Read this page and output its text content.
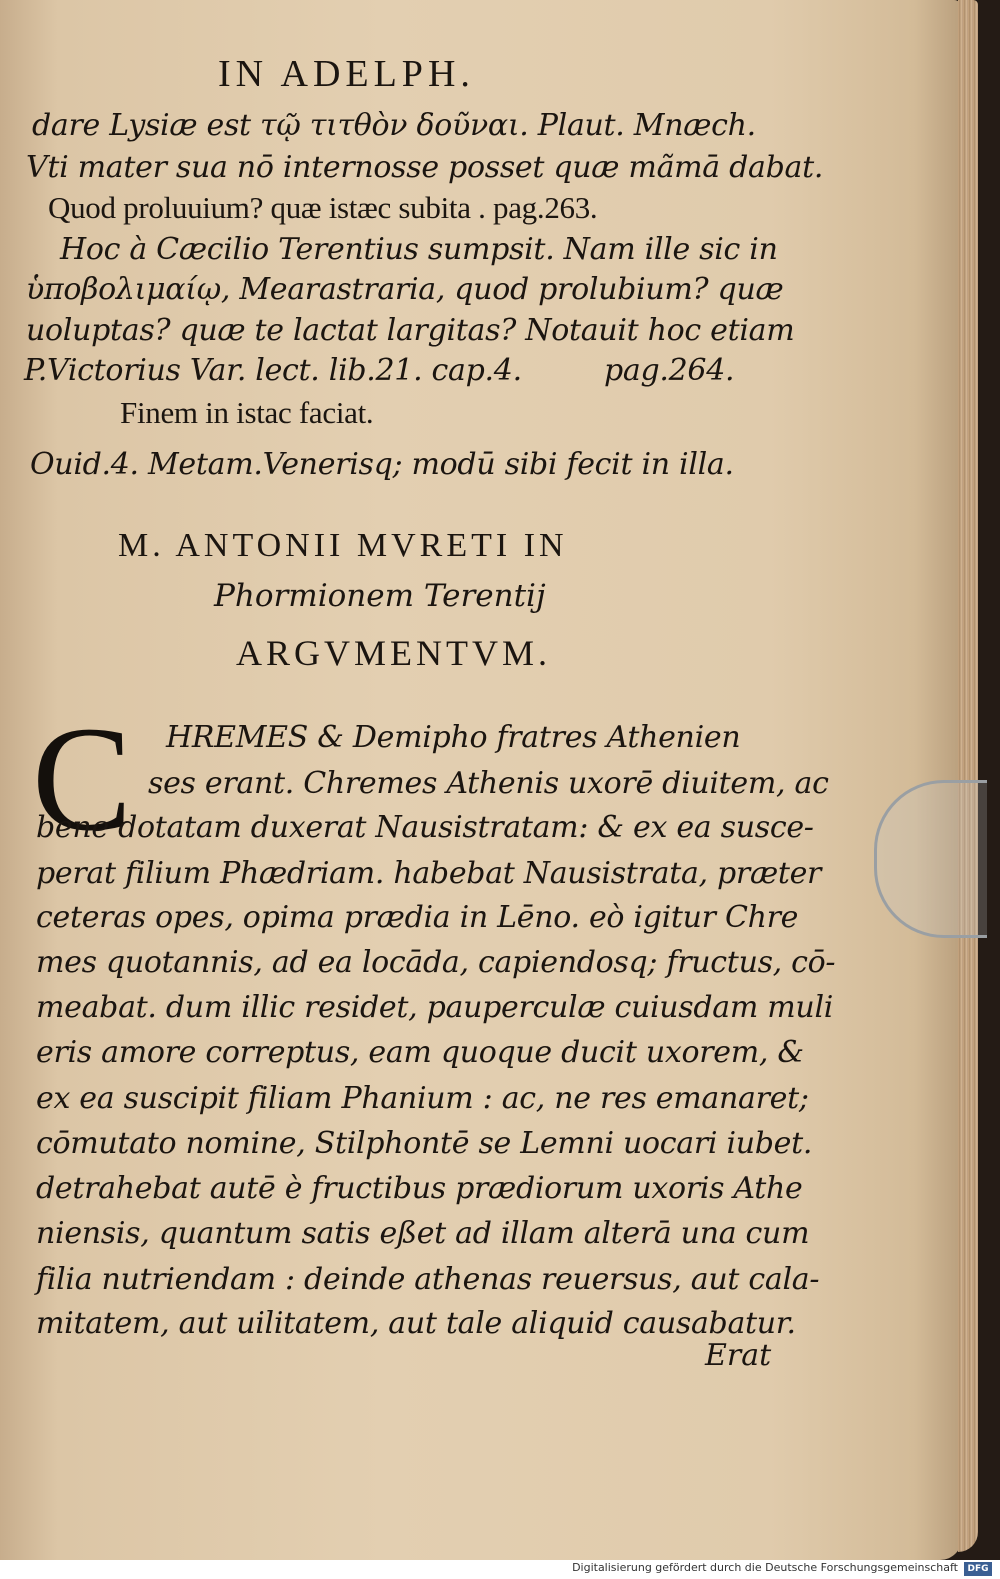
IN ADELPH.
dare Lysiæ est τῷ τιτθὸν δοῦναι. Plaut. Mnæch.
Vti mater sua nō internosse posset quæ mãmā dabat.
Quod proluuium? quæ istæc subita . pag.263.
Hoc à Cæcilio Terentius sumpsit. Nam ille sic in
ὑποβολιμαίῳ, Mearastraria, quod prolubium? quæ
uoluptas? quæ te lactat largitas? Notauit hoc etiam
P.Victorius Var. lect. lib.21. cap.4.	pag.264.
Finem in istac faciat.
Ouid.4. Metam.Venerisq; modū sibi fecit in illa.
M. ANTONII MVRETI IN
Phormionem Terentij
ARGVMENTVM.
C HREMES & Demipho fratres Athenien
ses erant. Chremes Athenis uxorē diuitem, ac
bene dotatam duxerat Nausistratam: & ex ea susce-
perat filium Phædriam. habebat Nausistrata, præter
ceteras opes, opima prædia in Lēno. eò igitur Chre
mes quotannis, ad ea locāda, capiendosq; fructus, cō-
meabat. dum illic residet, pauperculæ cuiusdam muli
eris amore correptus, eam quoque ducit uxorem, &
ex ea suscipit filiam Phanium : ac, ne res emanaret;
cōmutato nomine, Stilphontē se Lemni uocari iubet.
detrahebat autē è fructibus prædiorum uxoris Athe
niensis, quantum satis eßet ad illam alterā una cum
filia nutriendam : deinde athenas reuersus, aut cala-
mitatem, aut uilitatem, aut tale aliquid causabatur.
Erat
Digitalisierung gefördert durch die Deutsche Forschungsgemeinschaft	DFG
